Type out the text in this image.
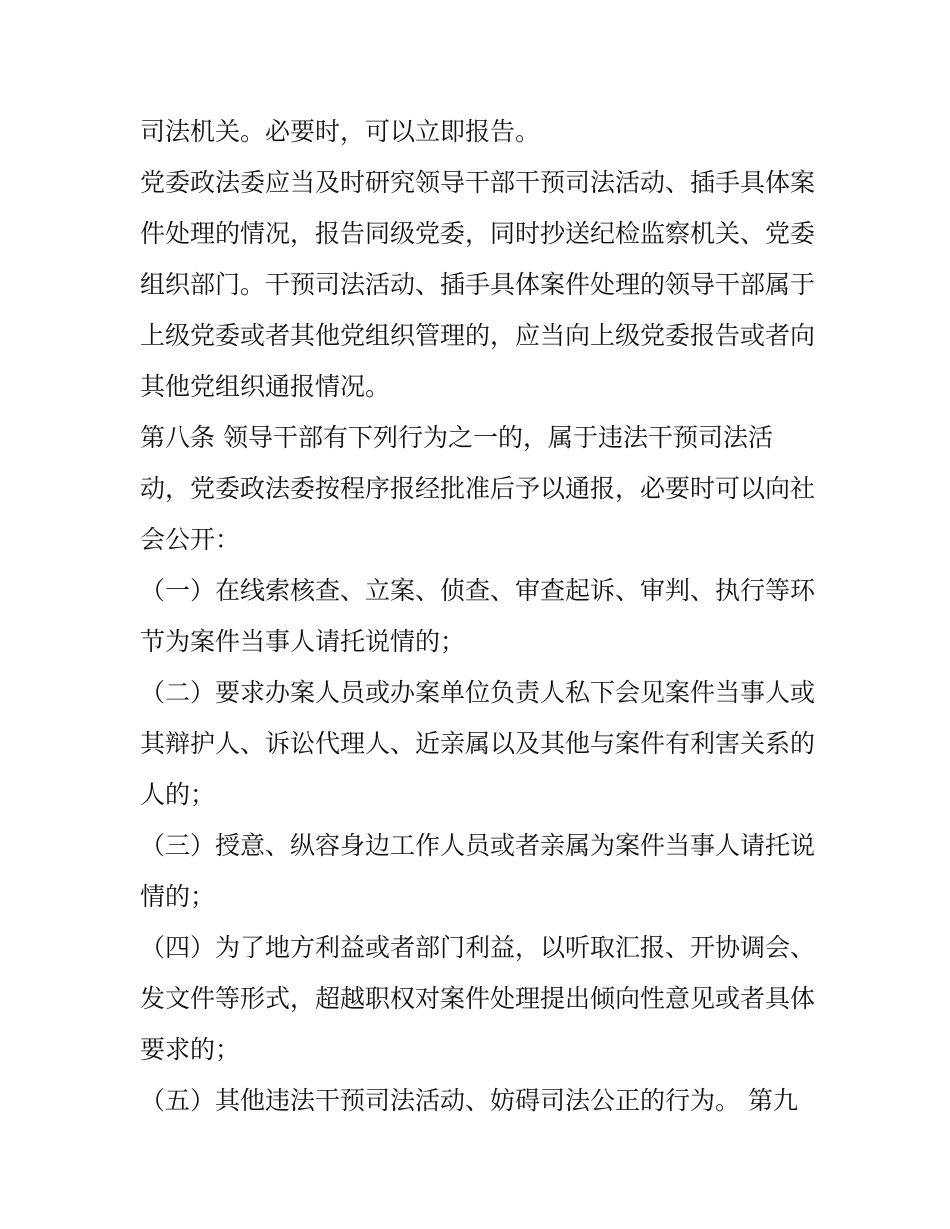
司法机关。必要时，可以立即报告。
党委政法委应当及时研究领导干部干预司法活动、插手具体案
件处理的情况，报告同级党委，同时抄送纪检监察机关、党委
组织部门。干预司法活动、插手具体案件处理的领导干部属于
上级党委或者其他党组织管理的，应当向上级党委报告或者向
其他党组织通报情况。
第八条 领导干部有下列行为之一的，属于违法干预司法活
动，党委政法委按程序报经批准后予以通报，必要时可以向社
会公开：
（一）在线索核查、立案、侦查、审查起诉、审判、执行等环
节为案件当事人请托说情的；
（二）要求办案人员或办案单位负责人私下会见案件当事人或
其辩护人、诉讼代理人、近亲属以及其他与案件有利害关系的
人的；
（三）授意、纵容身边工作人员或者亲属为案件当事人请托说
情的；
（四）为了地方利益或者部门利益，以听取汇报、开协调会、
发文件等形式，超越职权对案件处理提出倾向性意见或者具体
要求的；
（五）其他违法干预司法活动、妨碍司法公正的行为。 第九
